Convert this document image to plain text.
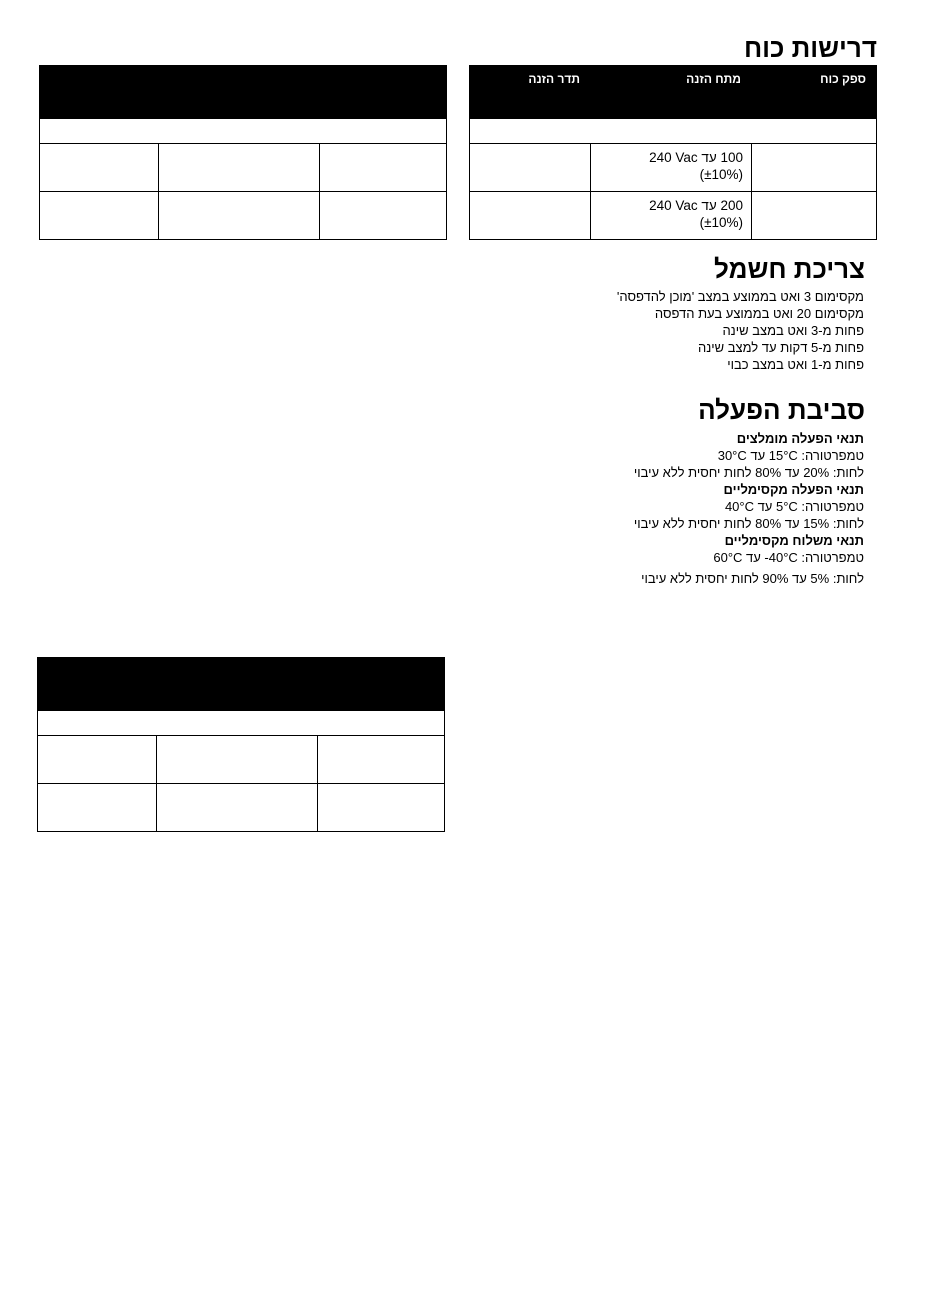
דרישות כוח
ספק כוח	מתח הזנה	תדר הזנה

	100 עד 240 Vac
(±10%)	

	200 עד 240 Vac
(±10%)	

צריכת חשמל
מקסימום 3 ואט בממוצע במצב 'מוכן להדפסה'
מקסימום 20 ואט בממוצע בעת הדפסה
פחות מ-3 ואט במצב שינה
פחות מ-5 דקות עד למצב שינה
פחות מ-1 ואט במצב כבוי
סביבת הפעלה
תנאי הפעלה מומלצים
טמפרטורה: 15°C עד 30°C
לחות: 20% עד 80% לחות יחסית ללא עיבוי
תנאי הפעלה מקסימליים
טמפרטורה: 5°C עד 40°C
לחות: 15% עד 80% לחות יחסית ללא עיבוי
תנאי משלוח מקסימליים
טמפרטורה: ‎-40°C‎ עד 60°C
לחות: 5% עד 90% לחות יחסית ללא עיבוי
